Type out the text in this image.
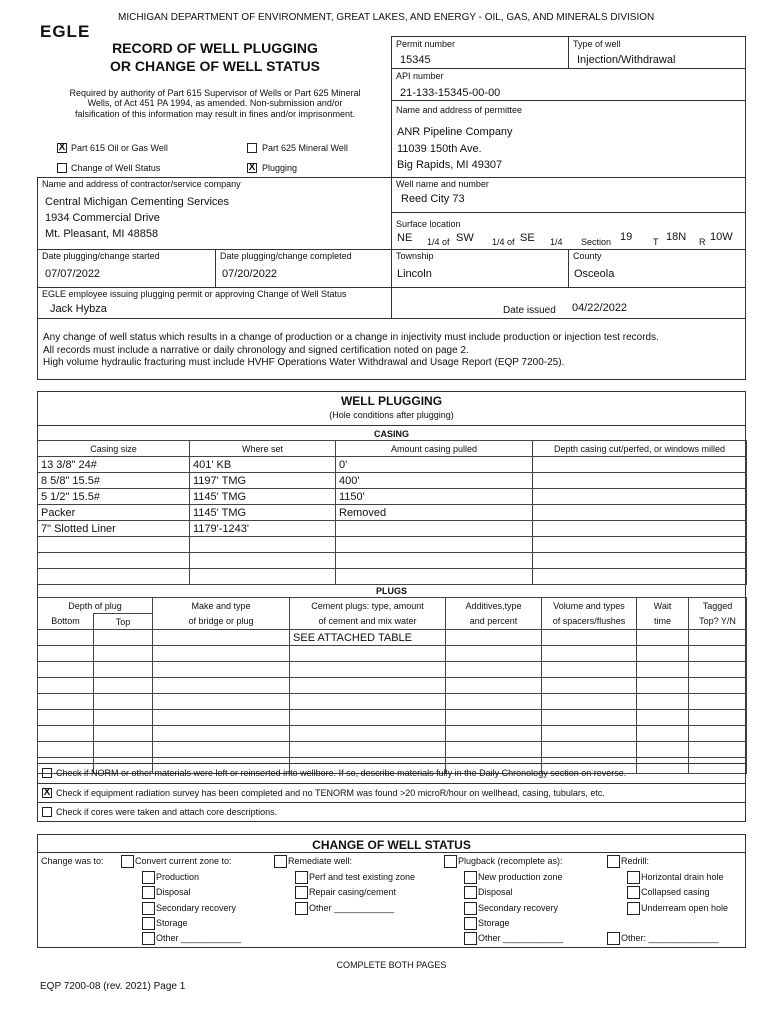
MICHIGAN DEPARTMENT OF ENVIRONMENT, GREAT LAKES, AND ENERGY - OIL, GAS, AND MINERALS DIVISION
EGLE
RECORD OF WELL PLUGGING
OR CHANGE OF WELL STATUS
Required by authority of Part 615 Supervisor of Wells or Part 625 Mineral
Wells, of Act 451 PA 1994, as amended. Non-submission and/or
falsification of this information may result in fines and/or imprisonment.
X Part 615 Oil or Gas Well	Part 625 Mineral Well
Change of Well Status	X Plugging
Permit number
15345
Type of well
Injection/Withdrawal
API number
21-133-15345-00-00
Name and address of permittee
ANR Pipeline Company
11039 150th Ave.
Big Rapids, MI 49307
Well name and number
Reed City 73
Surface location
NE 1/4 of SW 1/4 of SE 1/4 Section 19 T 18N R 10W
Name and address of contractor/service company
Central Michigan Cementing Services
1934 Commercial Drive
Mt. Pleasant, MI 48858
Date plugging/change started
07/07/2022
Date plugging/change completed
07/20/2022
Township
Lincoln
County
Osceola
EGLE employee issuing plugging permit or approving Change of Well Status
Jack Hybza	Date issued 04/22/2022
Any change of well status which results in a change of production or a change in injectivity must include production or injection test records.
All records must include a narrative or daily chronology and signed certification noted on page 2.
High volume hydraulic fracturing must include HVHF Operations Water Withdrawal and Usage Report (EQP 7200-25).
WELL PLUGGING
(Hole conditions after plugging)
CASING
Casing size	Where set	Amount casing pulled	Depth casing cut/perfed, or windows milled
13 3/8" 24#	401' KB	0'	
8 5/8" 15.5#	1197' TMG	400'	
5 1/2" 15.5#	1145' TMG	1150'	
Packer	1145' TMG	Removed	
7" Slotted Liner	1179'-1243'		

PLUGS
Depth of plug		Make and type	Cement plugs: type, amount	Additives,type	Volume and types	Wait	Tagged
Bottom	Top	of bridge or plug	of cement and mix water	and percent	of spacers/flushes	time	Top? Y/N
			SEE ATTACHED TABLE				

Check if NORM or other materials were left or reinserted into wellbore. If so, describe materials fully in the Daily Chronology section on reverse.
X Check if equipment radiation survey has been completed and no TENORM was found >20 microR/hour on wellhead, casing, tubulars, etc.
Check if cores were taken and attach core descriptions.
CHANGE OF WELL STATUS
Change was to:	Convert current zone to:
Production
Disposal
Secondary recovery
Storage
Other ____________
Remediate well:
Perf and test existing zone
Repair casing/cement
Other ____________
Plugback (recomplete as):
New production zone
Disposal
Secondary recovery
Storage
Other ____________
Redrill:
Horizontal drain hole
Collapsed casing
Underream open hole
Other: ______________
COMPLETE BOTH PAGES
EQP 7200-08 (rev. 2021) Page 1
